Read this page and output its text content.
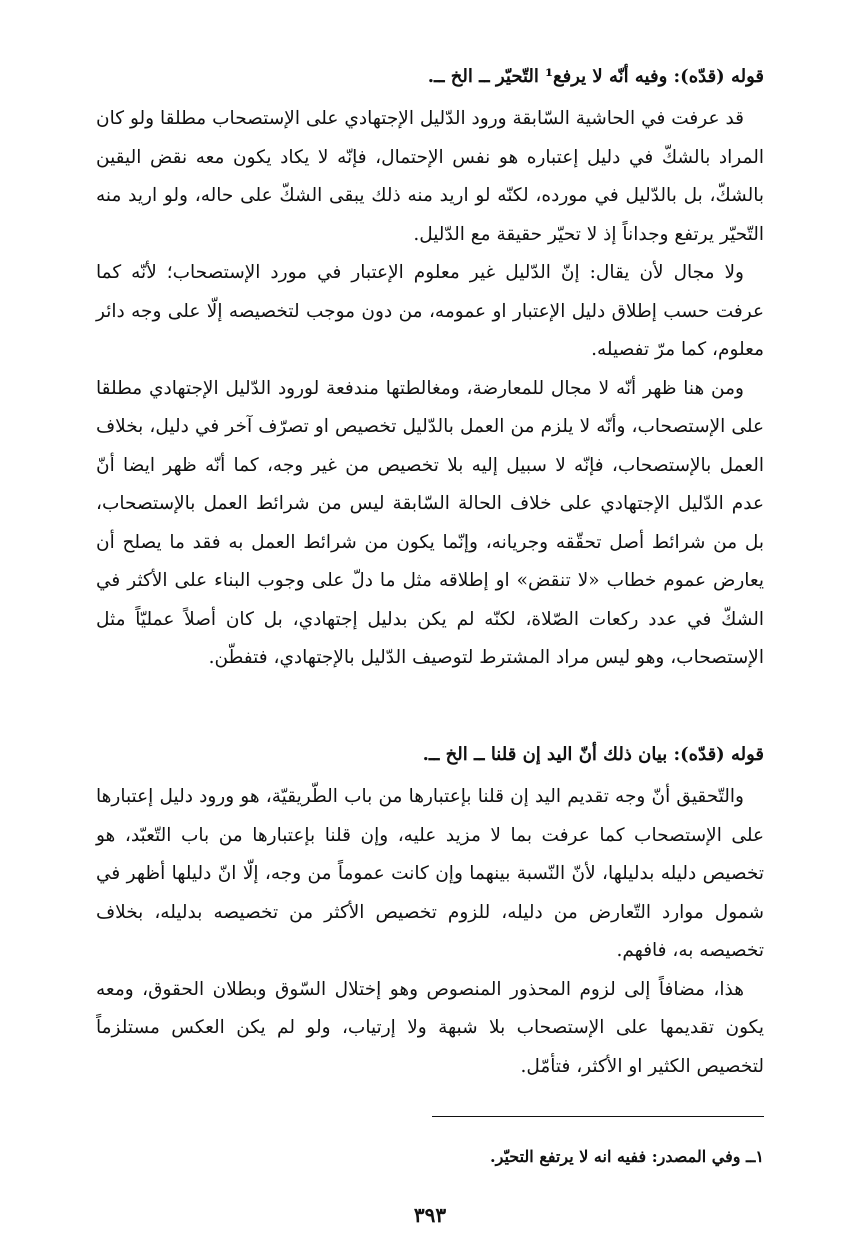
قوله (قدّه): وفيه أنّه لا يرفع¹ التّحيّر ــ الخ ــ.

قد عرفت في الحاشية السّابقة ورود الدّليل الإجتهادي على الإستصحاب مطلقا ولو كان المراد بالشكّ في دليل إعتباره هو نفس الإحتمال، فإنّه لا يكاد يكون معه نقض اليقين بالشكّ، بل بالدّليل في مورده، لكنّه لو اريد منه ذلك يبقى الشكّ على حاله، ولو اريد منه التّحيّر يرتفع وجداناً إذ لا تحيّر حقيقة مع الدّليل.

ولا مجال لأن يقال: إنّ الدّليل غير معلوم الإعتبار في مورد الإستصحاب؛ لأنّه كما عرفت حسب إطلاق دليل الإعتبار او عمومه، من دون موجب لتخصيصه إلّا على وجه دائر معلوم، كما مرّ تفصيله.

ومن هنا ظهر أنّه لا مجال للمعارضة، ومغالطتها مندفعة لورود الدّليل الإجتهادي مطلقا على الإستصحاب، وأنّه لا يلزم من العمل بالدّليل تخصيص او تصرّف آخر في دليل، بخلاف العمل بالإستصحاب، فإنّه لا سبيل إليه بلا تخصيص من غير وجه، كما أنّه ظهر ايضا أنّ عدم الدّليل الإجتهادي على خلاف الحالة السّابقة ليس من شرائط العمل بالإستصحاب، بل من شرائط أصل تحقّقه وجريانه، وإنّما يكون من شرائط العمل به فقد ما يصلح أن يعارض عموم خطاب «لا تنقض» او إطلاقه مثل ما دلّ على وجوب البناء على الأكثر في الشكّ في عدد ركعات الصّلاة، لكنّه لم يكن بدليل إجتهادي، بل كان أصلاً عمليّاً مثل الإستصحاب، وهو ليس مراد المشترط لتوصيف الدّليل بالإجتهادي، فتفطّن.

قوله (قدّه): بيان ذلك أنّ اليد إن قلنا ــ الخ ــ.

والتّحقيق أنّ وجه تقديم اليد إن قلنا بإعتبارها من باب الطّريقيّة، هو ورود دليل إعتبارها على الإستصحاب كما عرفت بما لا مزيد عليه، وإن قلنا بإعتبارها من باب التّعبّد، هو تخصيص دليله بدليلها، لأنّ النّسبة بينهما وإن كانت عموماً من وجه، إلّا انّ دليلها أظهر في شمول موارد التّعارض من دليله، للزوم تخصيص الأكثر من تخصيصه بدليله، بخلاف تخصيصه به، فافهم.

هذا، مضافاً إلى لزوم المحذور المنصوص وهو إختلال السّوق وبطلان الحقوق، ومعه يكون تقديمها على الإستصحاب بلا شبهة ولا إرتياب، ولو لم يكن العكس مستلزماً لتخصيص الكثير او الأكثر، فتأمّل.

١ــ وفي المصدر: ففيه انه لا يرتفع التحيّر.
٣٩٣
